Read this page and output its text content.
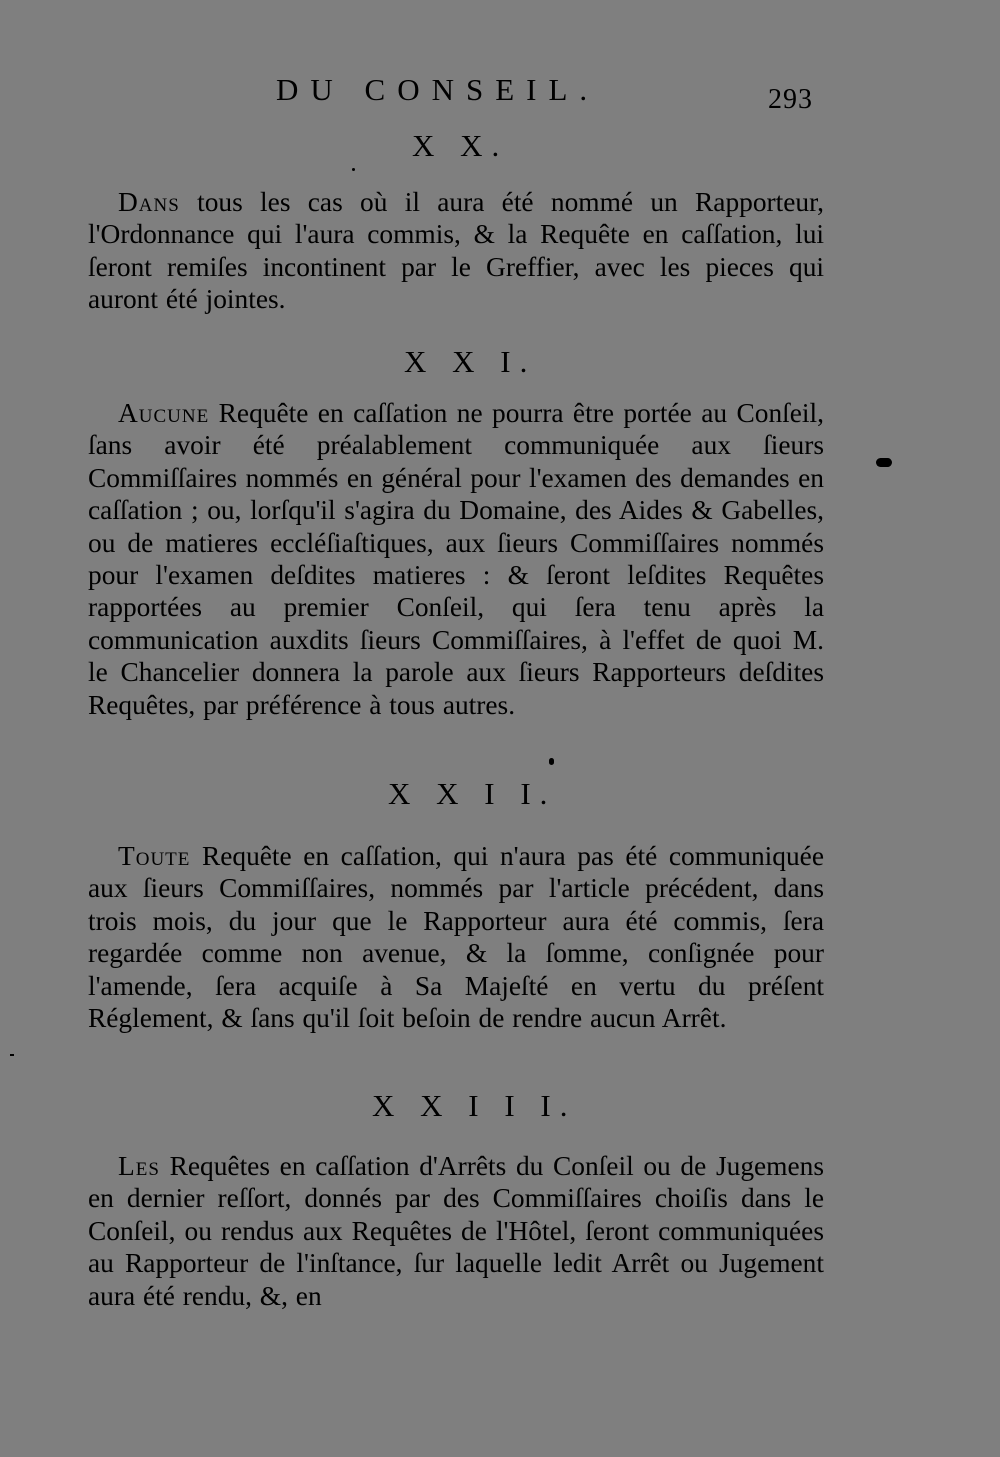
DU CONSEIL.	293
X X.

Dans tous les cas où il aura été nommé un Rapporteur, l'Ordonnance qui l'aura commis, & la Requête en caſſation, lui ſeront remiſes incontinent par le Greffier, avec les pieces qui auront été jointes.

X X I.

Aucune Requête en caſſation ne pourra être portée au Conſeil, ſans avoir été préalablement communiquée aux ſieurs Commiſſaires nommés en général pour l'examen des demandes en caſſation ; ou, lorſqu'il s'agira du Domaine, des Aides & Gabelles, ou de matieres eccléſiaſtiques, aux ſieurs Commiſſaires nommés pour l'examen deſdites matieres : & ſeront leſdites Requêtes rapportées au premier Conſeil, qui ſera tenu après la communication auxdits ſieurs Commiſſaires, à l'effet de quoi M. le Chancelier donnera la parole aux ſieurs Rapporteurs deſdites Requêtes, par préférence à tous autres.

X X I I.

Toute Requête en caſſation, qui n'aura pas été communiquée aux ſieurs Commiſſaires, nommés par l'article précédent, dans trois mois, du jour que le Rapporteur aura été commis, ſera regardée comme non avenue, & la ſomme, conſignée pour l'amende, ſera acquiſe à Sa Majeſté en vertu du préſent Réglement, & ſans qu'il ſoit beſoin de rendre aucun Arrêt.

X X I I I.

Les Requêtes en caſſation d'Arrêts du Conſeil ou de Jugemens en dernier reſſort, donnés par des Commiſſaires choiſis dans le Conſeil, ou rendus aux Requêtes de l'Hôtel, ſeront communiquées au Rapporteur de l'inſtance, ſur laquelle ledit Arrêt ou Jugement aura été rendu, &, en
